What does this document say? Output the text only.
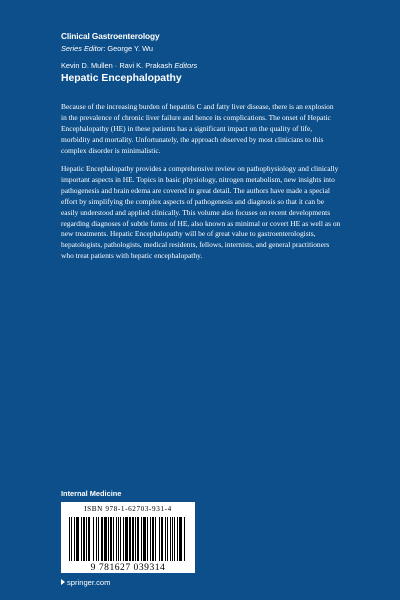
Clinical Gastroenterology
Series Editor: George Y. Wu
Kevin D. Mullen · Ravi K. Prakash Editors
Hepatic Encephalopathy

Because of the increasing burden of hepatitis C and fatty liver disease, there is an explosion in the prevalence of chronic liver failure and hence its complications. The onset of Hepatic Encephalopathy (HE) in these patients has a significant impact on the quality of life, morbidity and mortality. Unfortunately, the approach observed by most clinicians to this complex disorder is minimalistic.

Hepatic Encephalopathy provides a comprehensive review on pathophysiology and clinically important aspects in HE. Topics in basic physiology, nitrogen metabolism, new insights into pathogenesis and brain edema are covered in great detail. The authors have made a special effort by simplifying the complex aspects of pathogenesis and diagnosis so that it can be easily understood and applied clinically. This volume also focuses on recent developments regarding diagnoses of subtle forms of HE, also known as minimal or covert HE as well as on new treatments. Hepatic Encephalopathy will be of great value to gastroenterologists, hepatologists, pathologists, medical residents, fellows, internists, and general practitioners who treat patients with hepatic encephalopathy.

Internal Medicine
ISBN 978-1-62703-931-4
9 781627 039314
springer.com
